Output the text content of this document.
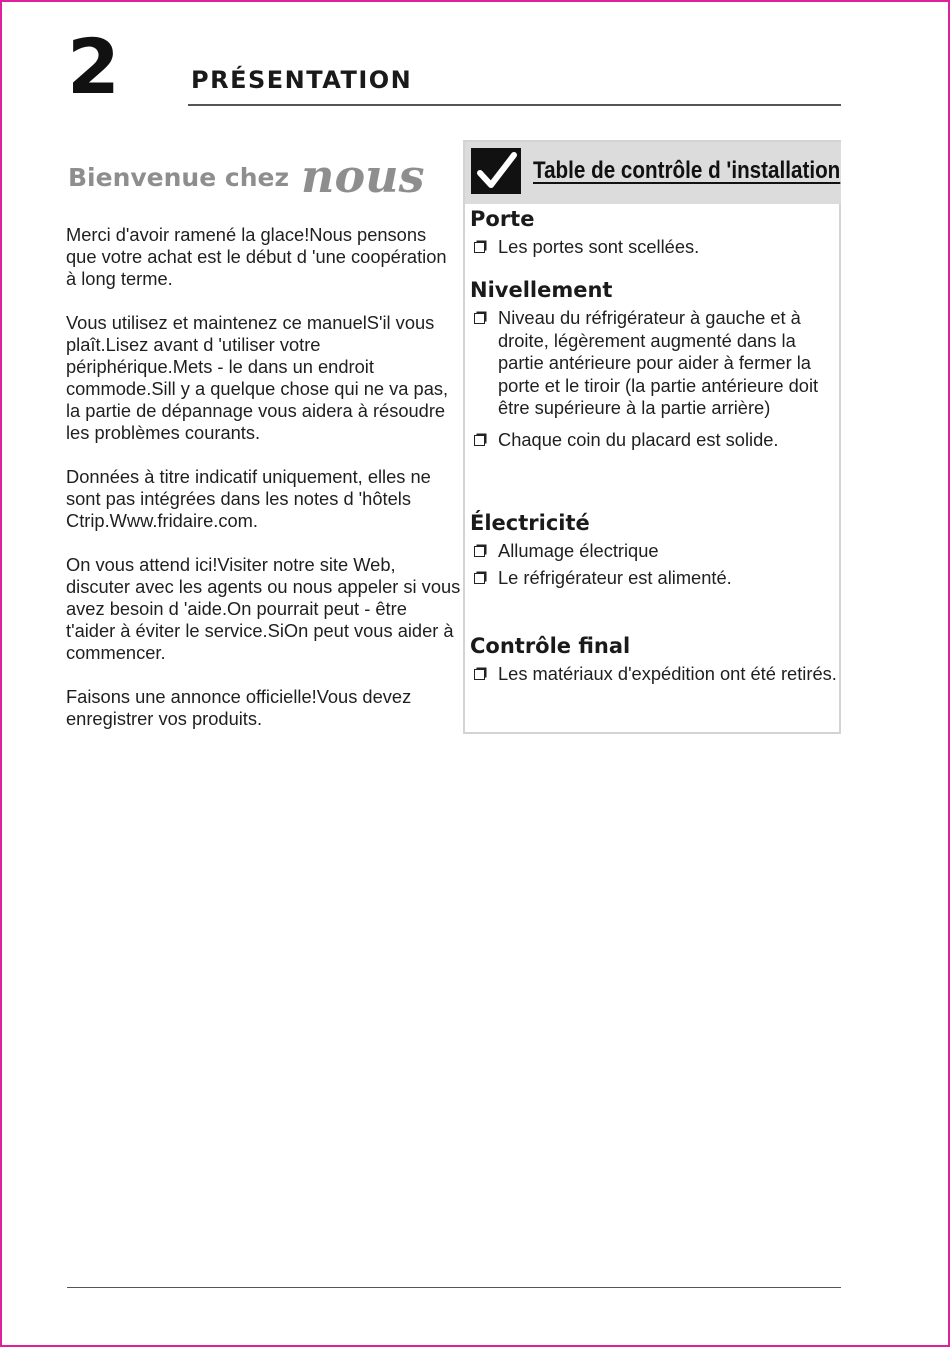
2	PRÉSENTATION
Bienvenue chez nous

Merci d'avoir ramené la glace!Nous pensons que votre achat est le début d 'une coopération à long terme.

Vous utilisez et maintenez ce manuelS'il vous plaît.Lisez avant d 'utiliser votre périphérique.Mets - le dans un endroit commode.Sill y a quelque chose qui ne va pas, la partie de dépannage vous aidera à résoudre les problèmes courants.

Données à titre indicatif uniquement, elles ne sont pas intégrées dans les notes d 'hôtels Ctrip.Www.fridaire.com.

On vous attend ici!Visiter notre site Web, discuter avec les agents ou nous appeler si vous avez besoin d 'aide.On pourrait peut - être t'aider à éviter le service.SiOn peut vous aider à commencer.

Faisons une annonce officielle!Vous devez enregistrer vos produits.

Table de contrôle d 'installation
Porte
Les portes sont scellées.
Nivellement
Niveau du réfrigérateur à gauche et à droite, légèrement augmenté dans la partie antérieure pour aider à fermer la porte et le tiroir (la partie antérieure doit être supérieure à la partie arrière)
Chaque coin du placard est solide.
Électricité
Allumage électrique
Le réfrigérateur est alimenté.
Contrôle final
Les matériaux d'expédition ont été retirés.
